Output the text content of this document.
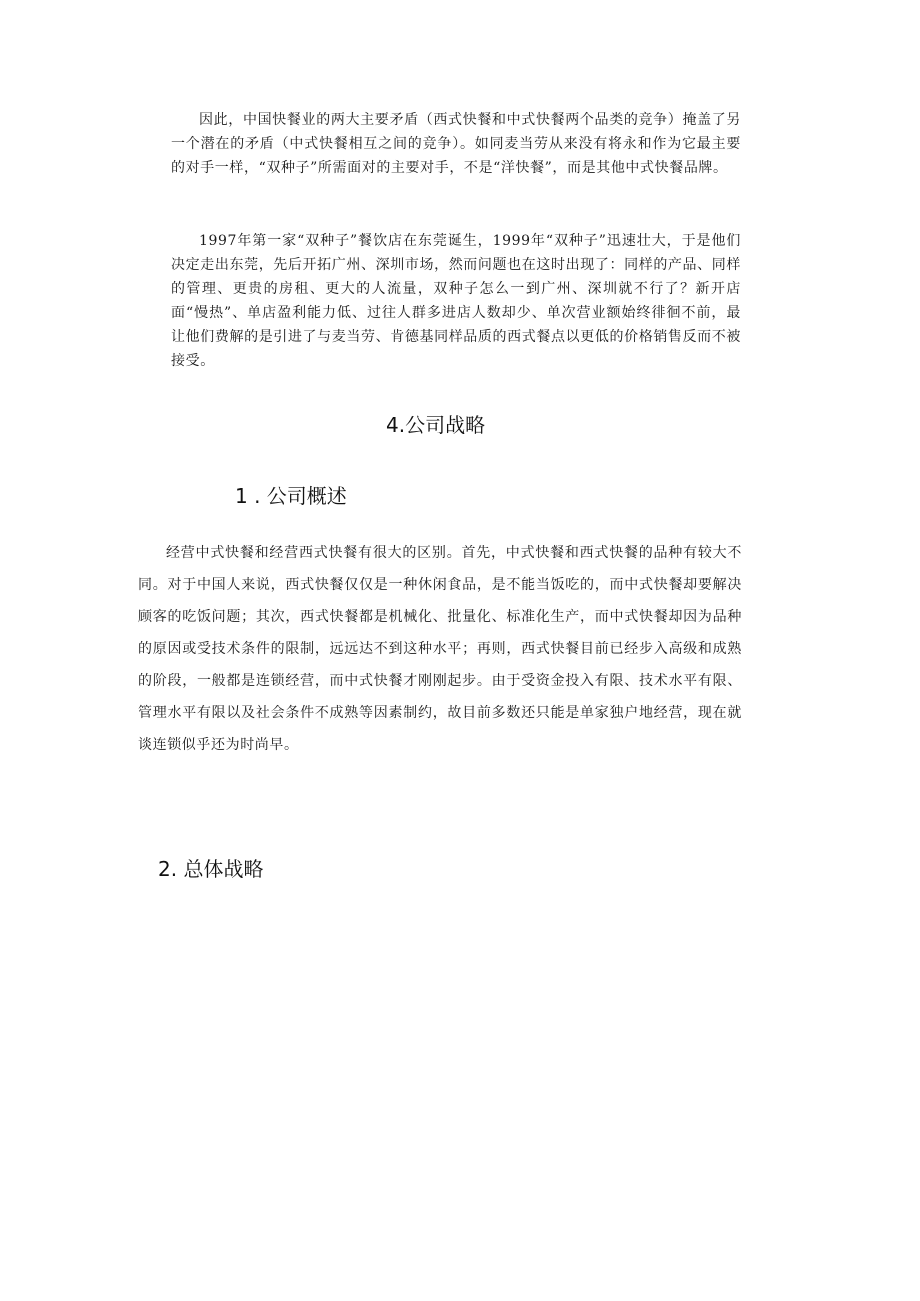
因此，中国快餐业的两大主要矛盾（西式快餐和中式快餐两个品类的竞争）掩盖了另一个潜在的矛盾（中式快餐相互之间的竞争）。如同麦当劳从来没有将永和作为它最主要的对手一样，“双种子”所需面对的主要对手，不是“洋快餐”，而是其他中式快餐品牌。

1997年第一家“双种子”餐饮店在东莞诞生，1999年“双种子”迅速壮大，于是他们决定走出东莞，先后开拓广州、深圳市场，然而问题也在这时出现了：同样的产品、同样的管理、更贵的房租、更大的人流量，双种子怎么一到广州、深圳就不行了？新开店面“慢热”、单店盈利能力低、过往人群多进店人数却少、单次营业额始终徘徊不前，最让他们费解的是引进了与麦当劳、肯德基同样品质的西式餐点以更低的价格销售反而不被接受。

4.公司战略
1 . 公司概述

经营中式快餐和经营西式快餐有很大的区别。首先，中式快餐和西式快餐的品种有较大不同。对于中国人来说，西式快餐仅仅是一种休闲食品，是不能当饭吃的，而中式快餐却要解决顾客的吃饭问题；其次，西式快餐都是机械化、批量化、标准化生产，而中式快餐却因为品种的原因或受技术条件的限制，远远达不到这种水平；再则，西式快餐目前已经步入高级和成熟的阶段，一般都是连锁经营，而中式快餐才刚刚起步。由于受资金投入有限、技术水平有限、管理水平有限以及社会条件不成熟等因素制约，故目前多数还只能是单家独户地经营，现在就谈连锁似乎还为时尚早。

2. 总体战略
